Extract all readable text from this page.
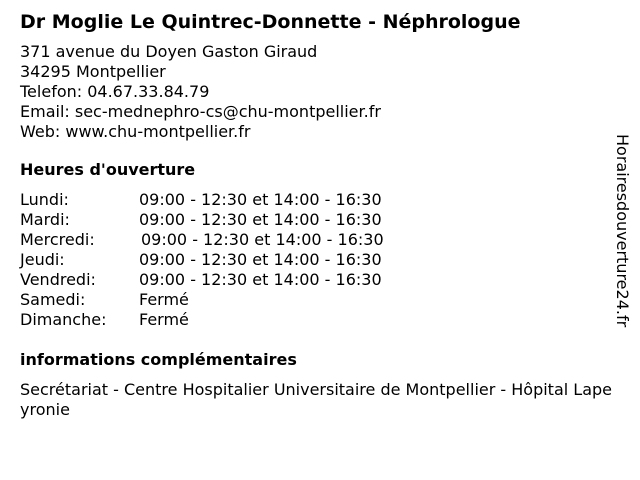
Dr Moglie Le Quintrec-Donnette - Néphrologue
371 avenue du Doyen Gaston Giraud
34295 Montpellier
Telefon: 04.67.33.84.79
Email: sec-mednephro-cs@chu-montpellier.fr
Web: www.chu-montpellier.fr
Heures d'ouverture
Lundi:	09:00 - 12:30 et 14:00 - 16:30
Mardi:	09:00 - 12:30 et 14:00 - 16:30
Mercredi:	09:00 - 12:30 et 14:00 - 16:30
Jeudi:	09:00 - 12:30 et 14:00 - 16:30
Vendredi:	09:00 - 12:30 et 14:00 - 16:30
Samedi:	Fermé
Dimanche:	Fermé
informations complémentaires
Secrétariat - Centre Hospitalier Universitaire de Montpellier - Hôpital Lapeyronie
Horairesdouverture24.fr
